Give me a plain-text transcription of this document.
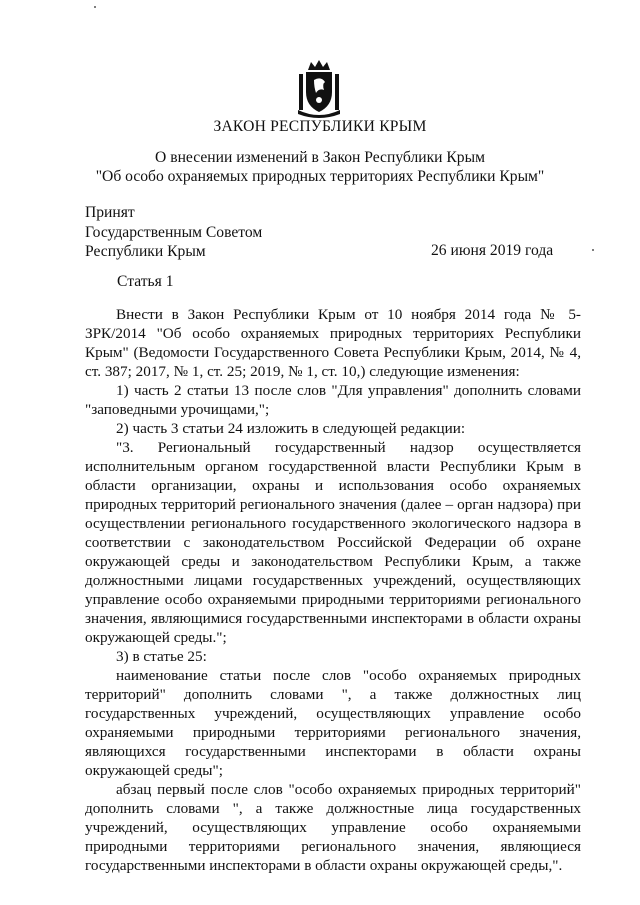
ЗАКОН РЕСПУБЛИКИ КРЫМ
О внесении изменений в Закон Республики Крым
"Об особо охраняемых природных территориях Республики Крым"
Принят
Государственным Советом
Республики Крым	26 июня 2019 года
Статья 1

Внести в Закон Республики Крым от 10 ноября 2014 года № 5-ЗРК/2014 "Об особо охраняемых природных территориях Республики Крым" (Ведомости Государственного Совета Республики Крым, 2014, № 4, ст. 387; 2017, № 1, ст. 25; 2019, № 1, ст. 10,) следующие изменения:

1) часть 2 статьи 13 после слов "Для управления" дополнить словами "заповедными урочищами,";

2) часть 3 статьи 24 изложить в следующей редакции:

"3. Региональный государственный надзор осуществляется исполнительным органом государственной власти Республики Крым в области организации, охраны и использования особо охраняемых природных территорий регионального значения (далее – орган надзора) при осуществлении регионального государственного экологического надзора в соответствии с законодательством Российской Федерации об охране окружающей среды и законодательством Республики Крым, а также должностными лицами государственных учреждений, осуществляющих управление особо охраняемыми природными территориями регионального значения, являющимися государственными инспекторами в области охраны окружающей среды.";

3) в статье 25:

наименование статьи после слов "особо охраняемых природных территорий" дополнить словами ", а также должностных лиц государственных учреждений, осуществляющих управление особо охраняемыми природными территориями регионального значения, являющихся государственными инспекторами в области охраны окружающей среды";

абзац первый после слов "особо охраняемых природных территорий" дополнить словами ", а также должностные лица государственных учреждений, осуществляющих управление особо охраняемыми природными территориями регионального значения, являющиеся государственными инспекторами в области охраны окружающей среды,".
